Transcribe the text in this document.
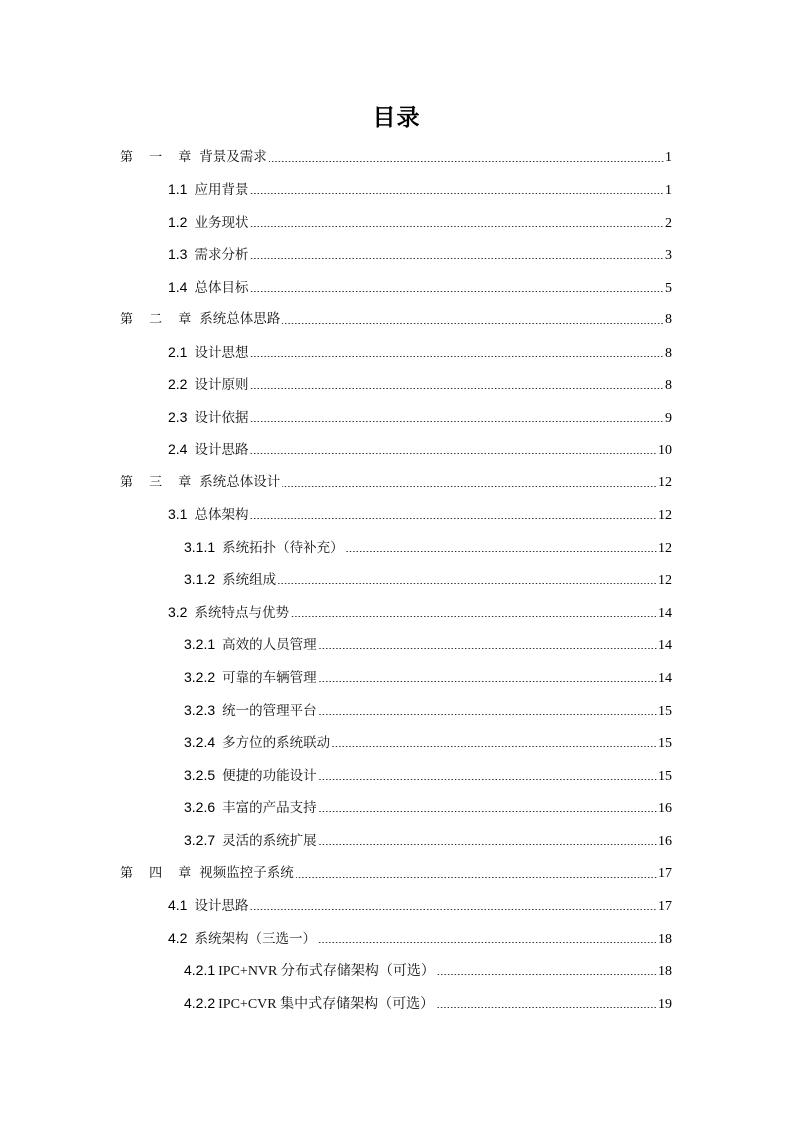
目录
第 一 章 背景及需求	1
1.1 应用背景	1
1.2 业务现状	2
1.3 需求分析	3
1.4 总体目标	5
第 二 章 系统总体思路	8
2.1 设计思想	8
2.2 设计原则	8
2.3 设计依据	9
2.4 设计思路	10
第 三 章 系统总体设计	12
3.1 总体架构	12
3.1.1 系统拓扑（待补充）	12
3.1.2 系统组成	12
3.2 系统特点与优势	14
3.2.1 高效的人员管理	14
3.2.2 可靠的车辆管理	14
3.2.3 统一的管理平台	15
3.2.4 多方位的系统联动	15
3.2.5 便捷的功能设计	15
3.2.6 丰富的产品支持	16
3.2.7 灵活的系统扩展	16
第 四 章 视频监控子系统	17
4.1 设计思路	17
4.2 系统架构（三选一）	18
4.2.1 IPC+NVR 分布式存储架构（可选）	18
4.2.2 IPC+CVR 集中式存储架构（可选）	19
